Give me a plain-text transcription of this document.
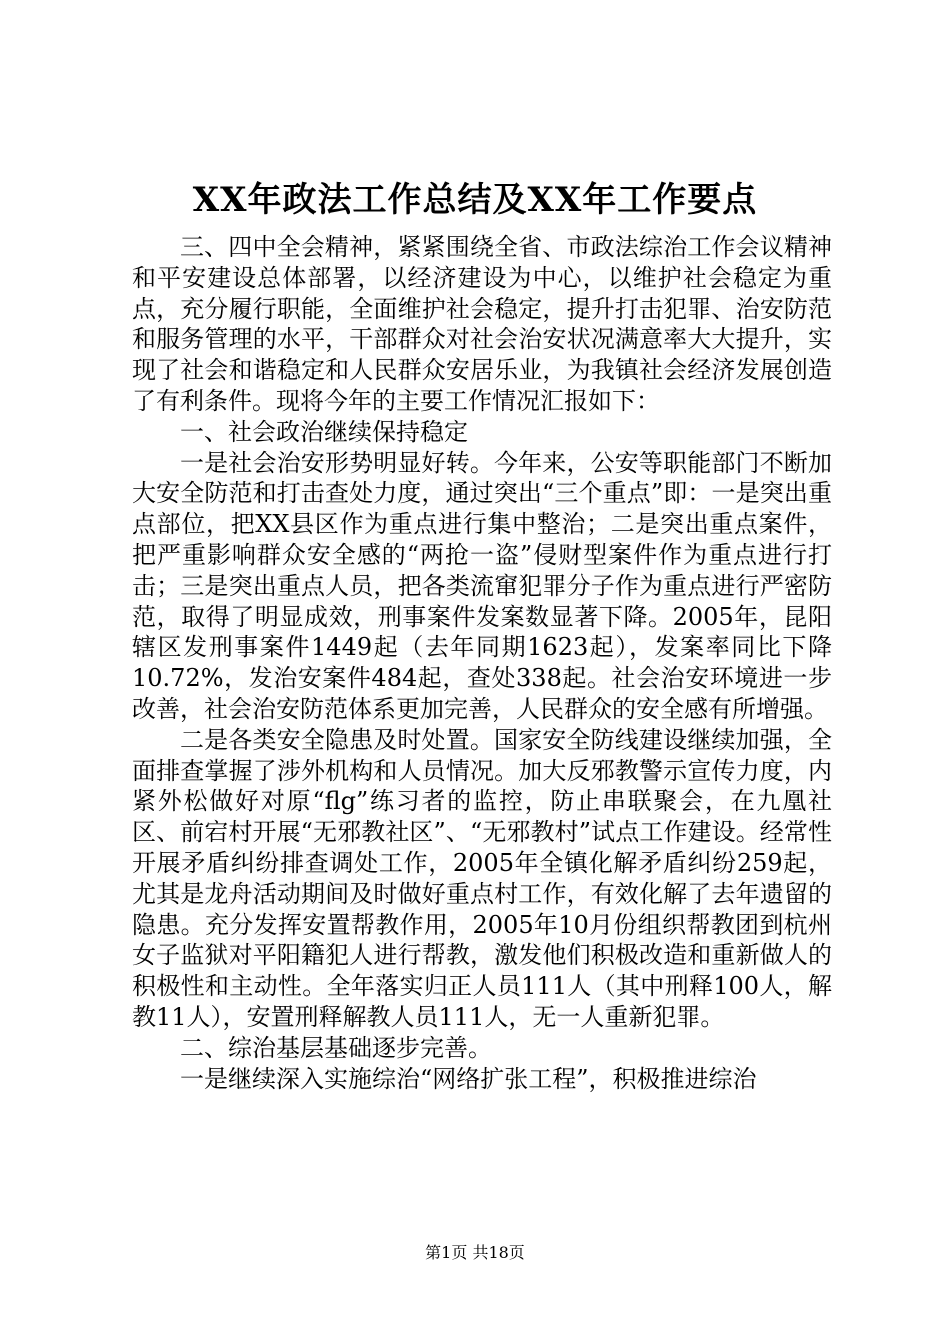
XX年政法工作总结及XX年工作要点

三、四中全会精神，紧紧围绕全省、市政法综治工作会议精神和平安建设总体部署，以经济建设为中心，以维护社会稳定为重点，充分履行职能，全面维护社会稳定，提升打击犯罪、治安防范和服务管理的水平，干部群众对社会治安状况满意率大大提升，实现了社会和谐稳定和人民群众安居乐业，为我镇社会经济发展创造了有利条件。现将今年的主要工作情况汇报如下：

一、社会政治继续保持稳定

一是社会治安形势明显好转。今年来，公安等职能部门不断加大安全防范和打击查处力度，通过突出“三个重点”即：一是突出重点部位，把XX县区作为重点进行集中整治；二是突出重点案件，把严重影响群众安全感的“两抢一盗”侵财型案件作为重点进行打击；三是突出重点人员，把各类流窜犯罪分子作为重点进行严密防范，取得了明显成效，刑事案件发案数显著下降。2005年，昆阳辖区发刑事案件1449起（去年同期1623起），发案率同比下降10.72%，发治安案件484起，查处338起。社会治安环境进一步改善，社会治安防范体系更加完善，人民群众的安全感有所增强。

二是各类安全隐患及时处置。国家安全防线建设继续加强，全面排查掌握了涉外机构和人员情况。加大反邪教警示宣传力度，内紧外松做好对原“flg”练习者的监控，防止串联聚会，在九凰社区、前宕村开展“无邪教社区”、“无邪教村”试点工作建设。经常性开展矛盾纠纷排查调处工作，2005年全镇化解矛盾纠纷259起，尤其是龙舟活动期间及时做好重点村工作，有效化解了去年遗留的隐患。充分发挥安置帮教作用，2005年10月份组织帮教团到杭州女子监狱对平阳籍犯人进行帮教，激发他们积极改造和重新做人的积极性和主动性。全年落实归正人员111人（其中刑释100人，解教11人），安置刑释解教人员111人，无一人重新犯罪。

二、综治基层基础逐步完善。

一是继续深入实施综治“网络扩张工程”，积极推进综治

第1页 共18页
